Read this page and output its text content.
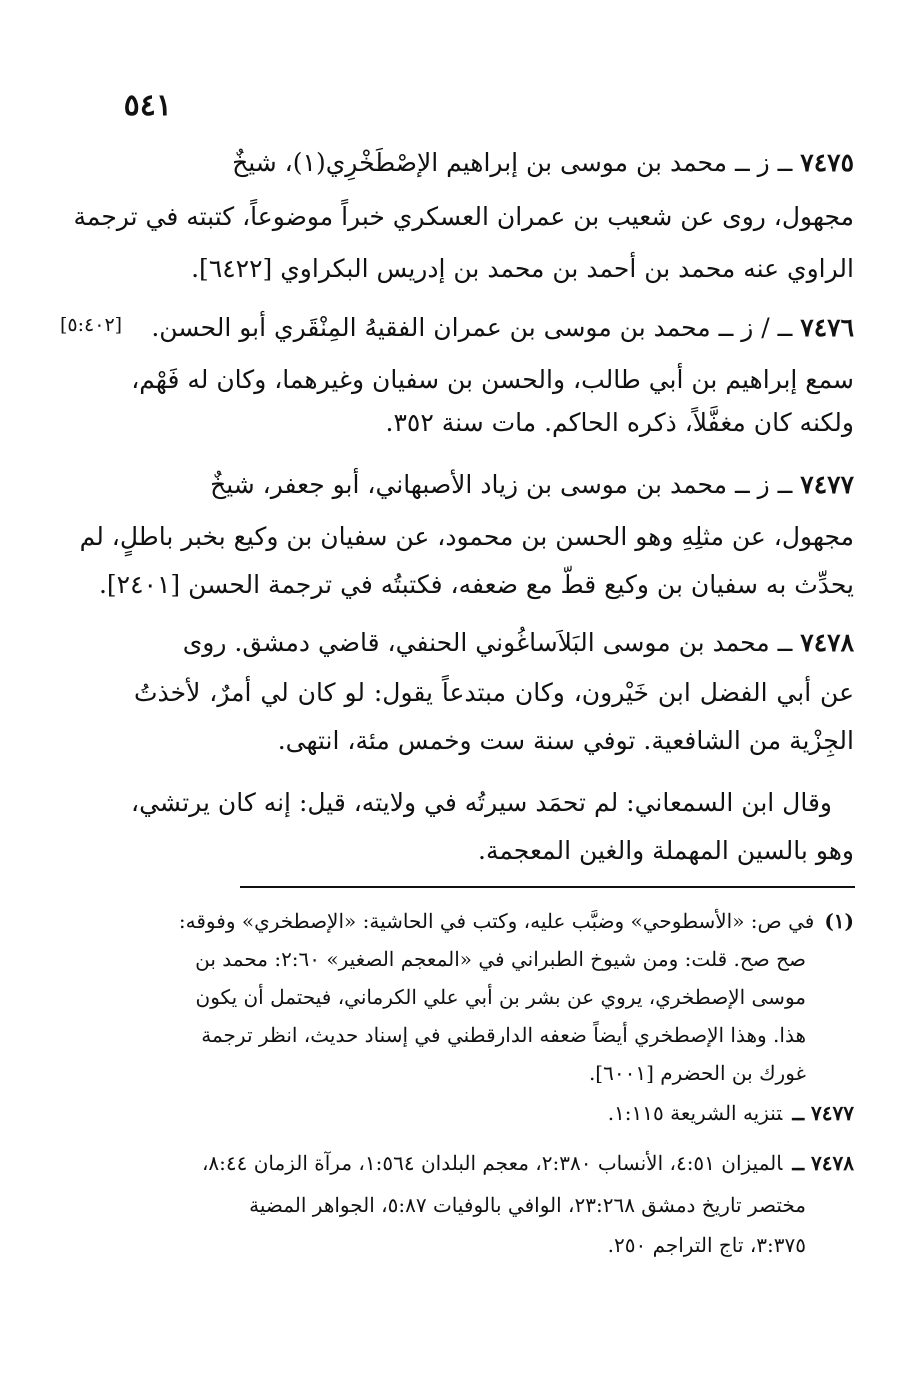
٥٤١
[٥:٤٠٢]
٧٤٧٥ــ ز ــ محمد بن موسى بن إبراهيم الإصْطَخْرِي(١)، شيخٌ
مجهول، روى عن شعيب بن عمران العسكري خبراً موضوعاً، كتبته في ترجمة
الراوي عنه محمد بن أحمد بن محمد بن إدريس البكراوي [٦٤٢٢].
٧٤٧٦ــ / ز ــ محمد بن موسى بن عمران الفقيهُ المِنْقَري أبو الحسن.
سمع إبراهيم بن أبي طالب، والحسن بن سفيان وغيرهما، وكان له فَهْم،
ولكنه كان مغفَّلاً، ذكره الحاكم. مات سنة ٣٥٢.
٧٤٧٧ــ ز ــ محمد بن موسى بن زياد الأصبهاني، أبو جعفر، شيخٌ
مجهول، عن مثلِهِ وهو الحسن بن محمود، عن سفيان بن وكيع بخبر باطلٍ، لم
يحدِّث به سفيان بن وكيع قطّ مع ضعفه، فكتبتُه في ترجمة الحسن [٢٤٠١].
٧٤٧٨ــ محمد بن موسى البَلاَساغُوني الحنفي، قاضي دمشق. روى
عن أبي الفضل ابن خَيْرون، وكان مبتدعاً يقول: لو كان لي أمرٌ، لأخذتُ
الجِزْية من الشافعية. توفي سنة ست وخمس مئة، انتهى.
وقال ابن السمعاني: لم تحمَد سيرتُه في ولايته، قيل: إنه كان يرتشي،
وهو بالسين المهملة والغين المعجمة.
(١)في ص: «الأسطوحي» وضبَّب عليه، وكتب في الحاشية: «الإصطخري» وفوقه:
صح صح. قلت: ومن شيوخ الطبراني في «المعجم الصغير» ٢:٦٠: محمد بن
موسى الإصطخري، يروي عن بشر بن أبي علي الكرماني، فيحتمل أن يكون
هذا. وهذا الإصطخري أيضاً ضعفه الدارقطني في إسناد حديث، انظر ترجمة
غورك بن الحضرم [٦٠٠١].
٧٤٧٧ ــتنزيه الشريعة ١:١١٥.
٧٤٧٨ ــالميزان ٤:٥١، الأنساب ٢:٣٨٠، معجم البلدان ١:٥٦٤، مرآة الزمان ٨:٤٤،
مختصر تاريخ دمشق ٢٣:٢٦٨، الوافي بالوفيات ٥:٨٧، الجواهر المضية
٣:٣٧٥، تاج التراجم ٢٥٠.
